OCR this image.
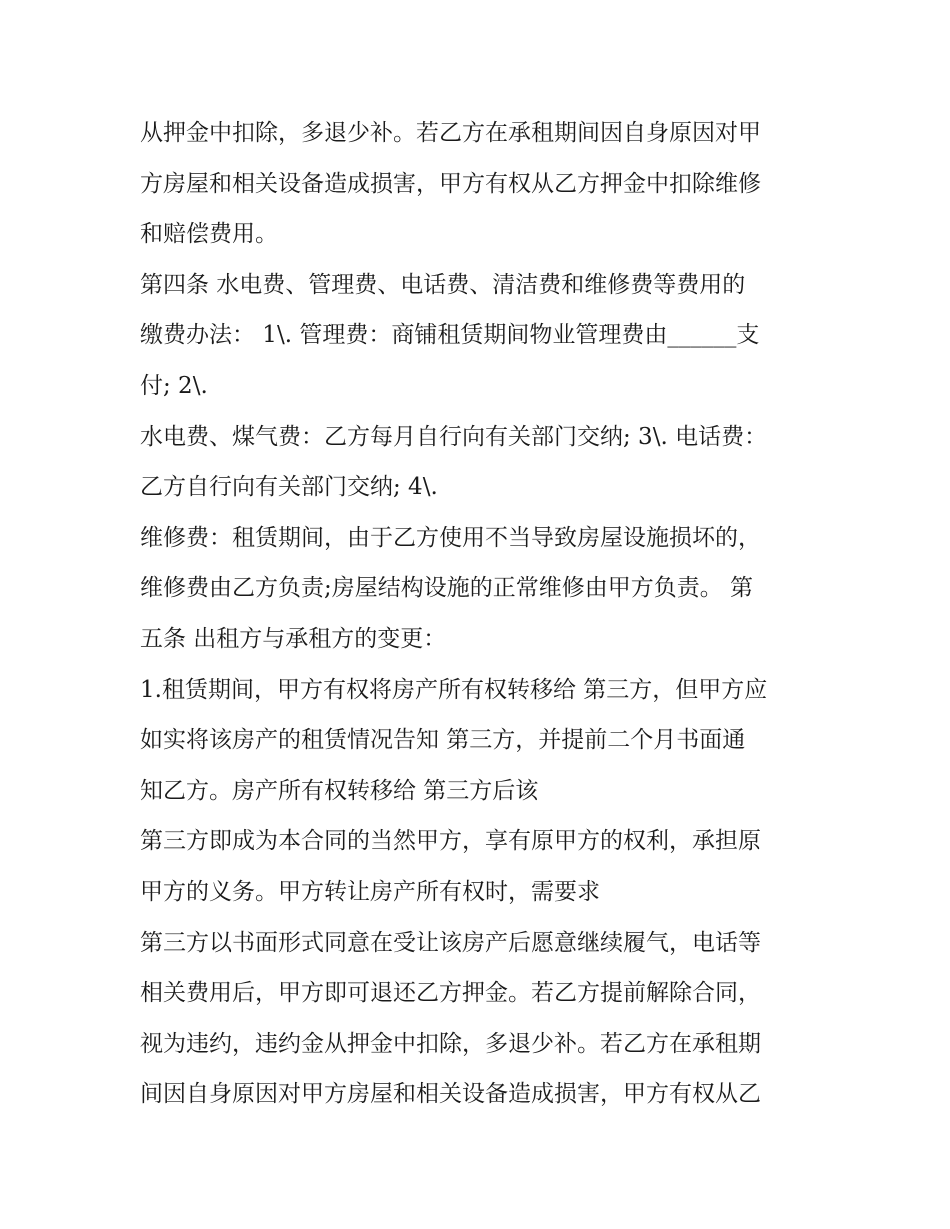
从押金中扣除，多退少补。若乙方在承租期间因自身原因对甲
方房屋和相关设备造成损害，甲方有权从乙方押金中扣除维修
和赔偿费用。
第四条 水电费、管理费、电话费、清洁费和维修费等费用的
缴费办法： 1\. 管理费：商铺租赁期间物业管理费由______支
付; 2\.
水电费、煤气费：乙方每月自行向有关部门交纳; 3\. 电话费：
乙方自行向有关部门交纳; 4\.
维修费：租赁期间，由于乙方使用不当导致房屋设施损坏的，
维修费由乙方负责;房屋结构设施的正常维修由甲方负责。 第
五条 出租方与承租方的变更：
1.租赁期间，甲方有权将房产所有权转移给 第三方，但甲方应
如实将该房产的租赁情况告知 第三方，并提前二个月书面通
知乙方。房产所有权转移给 第三方后该
第三方即成为本合同的当然甲方，享有原甲方的权利，承担原
甲方的义务。甲方转让房产所有权时，需要求
第三方以书面形式同意在受让该房产后愿意继续履气，电话等
相关费用后，甲方即可退还乙方押金。若乙方提前解除合同，
视为违约，违约金从押金中扣除，多退少补。若乙方在承租期
间因自身原因对甲方房屋和相关设备造成损害，甲方有权从乙
